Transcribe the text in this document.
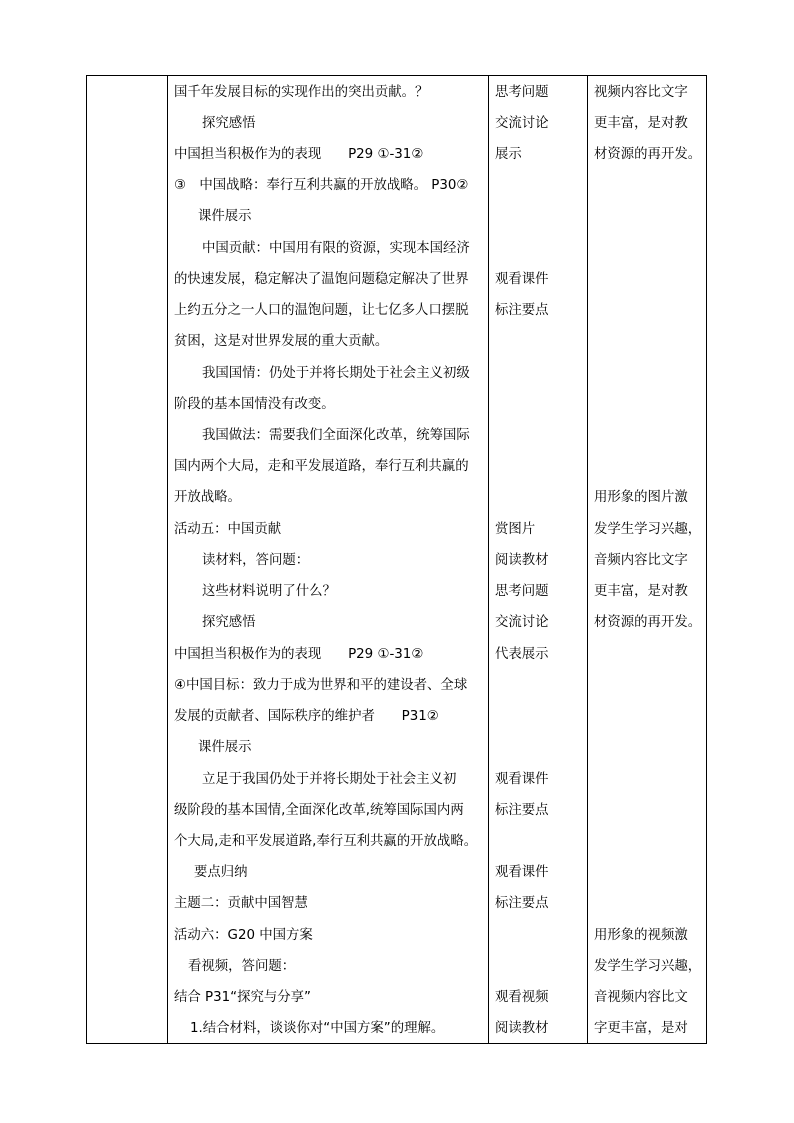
国千年发展目标的实现作出的突出贡献。？
探究感悟
中国担当积极作为的表现　　P29 ①-31②
③　中国战略：奉行互利共赢的开放战略。 P30②
课件展示
中国贡献：中国用有限的资源，实现本国经济
的快速发展，稳定解决了温饱问题稳定解决了世界
上约五分之一人口的温饱问题，让七亿多人口摆脱
贫困，这是对世界发展的重大贡献。
我国国情：仍处于并将长期处于社会主义初级
阶段的基本国情没有改变。
我国做法：需要我们全面深化改革，统筹国际
国内两个大局，走和平发展道路，奉行互利共赢的
开放战略。
活动五：中国贡献
读材料，答问题：
这些材料说明了什么？
探究感悟
中国担当积极作为的表现　　P29 ①-31②
④中国目标：致力于成为世界和平的建设者、全球
发展的贡献者、国际秩序的维护者　　P31②
课件展示
立足于我国仍处于并将长期处于社会主义初
级阶段的基本国情,全面深化改革,统筹国际国内两
个大局,走和平发展道路,奉行互利共赢的开放战略。
要点归纳
主题二：贡献中国智慧
活动六：G20 中国方案
看视频，答问题：
结合 P31“探究与分享”
1.结合材料，谈谈你对“中国方案”的理解。
思考问题
交流讨论
展示
观看课件
标注要点
赏图片
阅读教材
思考问题
交流讨论
代表展示
观看课件
标注要点
观看课件
标注要点
观看视频
阅读教材
视频内容比文字
更丰富，是对教
材资源的再开发。
用形象的图片激
发学生学习兴趣，
音频内容比文字
更丰富，是对教
材资源的再开发。
用形象的视频激
发学生学习兴趣，
音视频内容比文
字更丰富，是对
